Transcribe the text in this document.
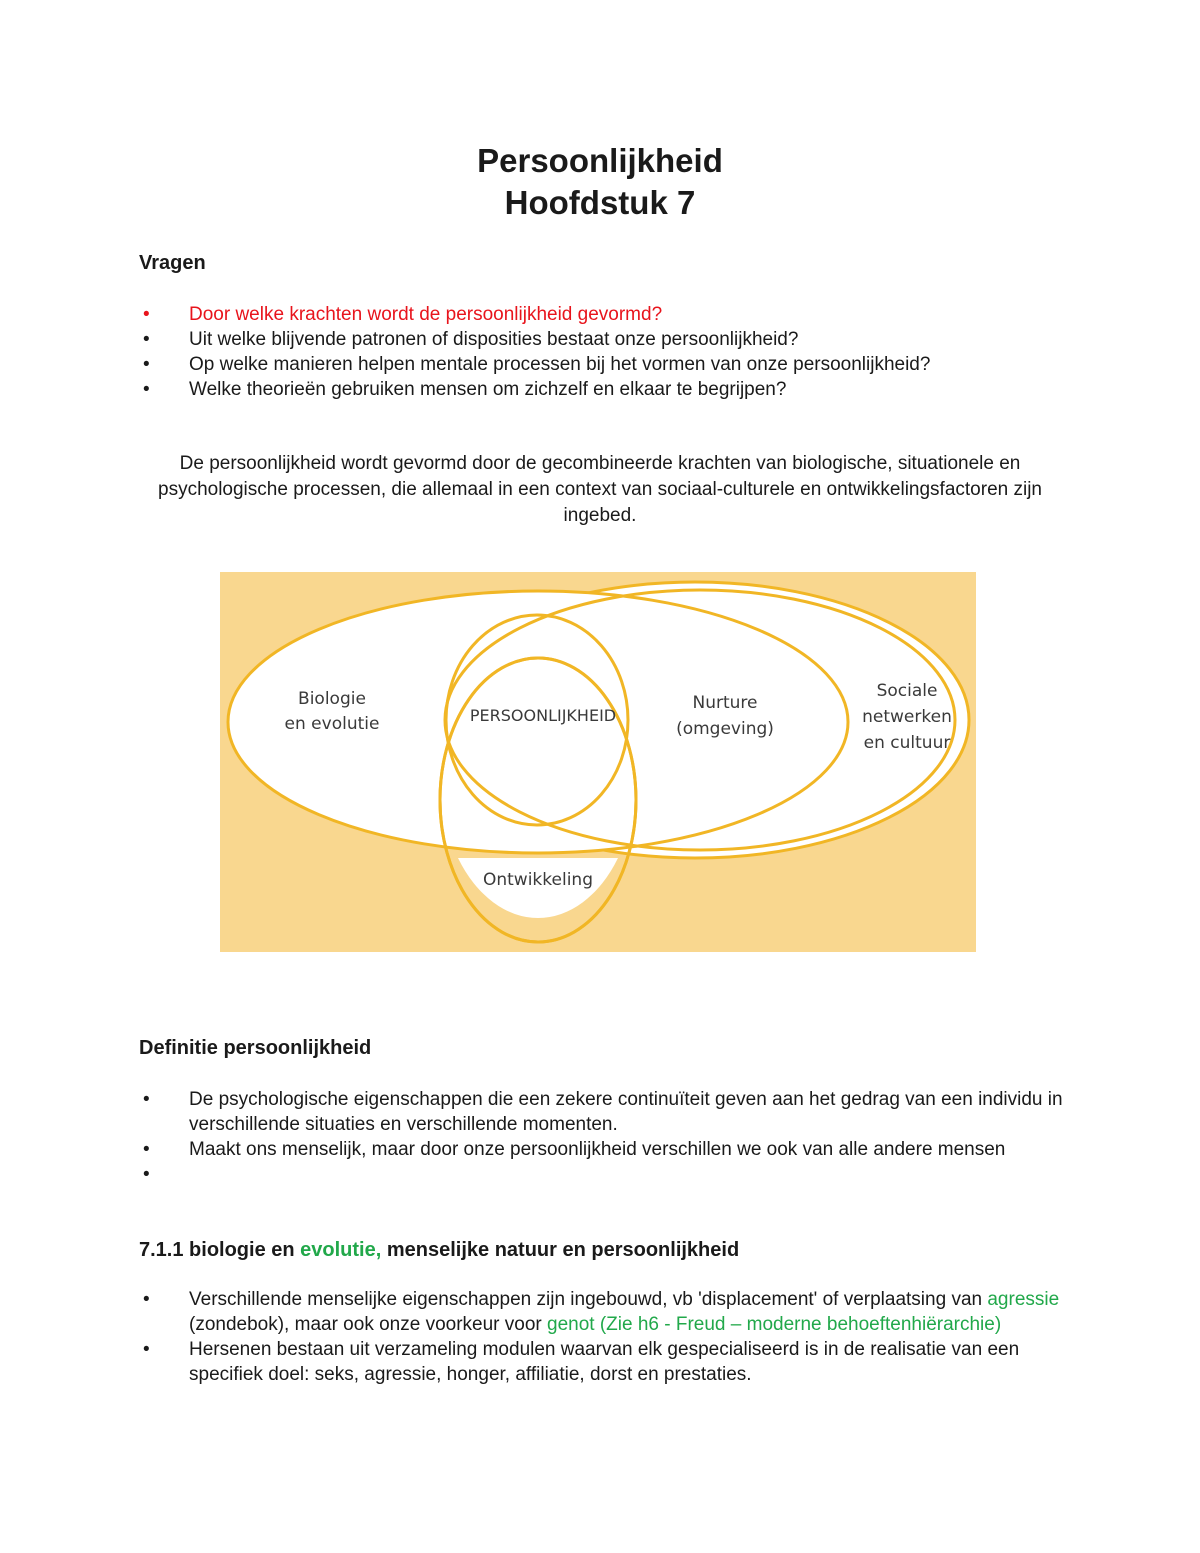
Persoonlijkheid
Hoofdstuk 7
Vragen
• Door welke krachten wordt de persoonlijkheid gevormd?
• Uit welke blijvende patronen of disposities bestaat onze persoonlijkheid?
• Op welke manieren helpen mentale processen bij het vormen van onze persoonlijkheid?
• Welke theorieën gebruiken mensen om zichzelf en elkaar te begrijpen?

De persoonlijkheid wordt gevormd door de gecombineerde krachten van biologische, situationele en psychologische processen, die allemaal in een context van sociaal-culturele en ontwikkelingsfactoren zijn ingebed.

Biologie
en evolutie	PERSOONLIJKHEID
Nurture
(omgeving)
Sociale
netwerken
en cultuur
Ontwikkeling
Definitie persoonlijkheid
• De psychologische eigenschappen die een zekere continuïteit geven aan het gedrag van een individu in verschillende situaties en verschillende momenten.
• Maakt ons menselijk, maar door onze persoonlijkheid verschillen we ook van alle andere mensen
•
7.1.1 biologie en evolutie, menselijke natuur en persoonlijkheid
• Verschillende menselijke eigenschappen zijn ingebouwd, vb 'displacement' of verplaatsing van agressie (zondebok), maar ook onze voorkeur voor genot (Zie h6 - Freud – moderne behoeftenhiërarchie)
• Hersenen bestaan uit verzameling modulen waarvan elk gespecialiseerd is in de realisatie van een specifiek doel: seks, agressie, honger, affiliatie, dorst en prestaties.
